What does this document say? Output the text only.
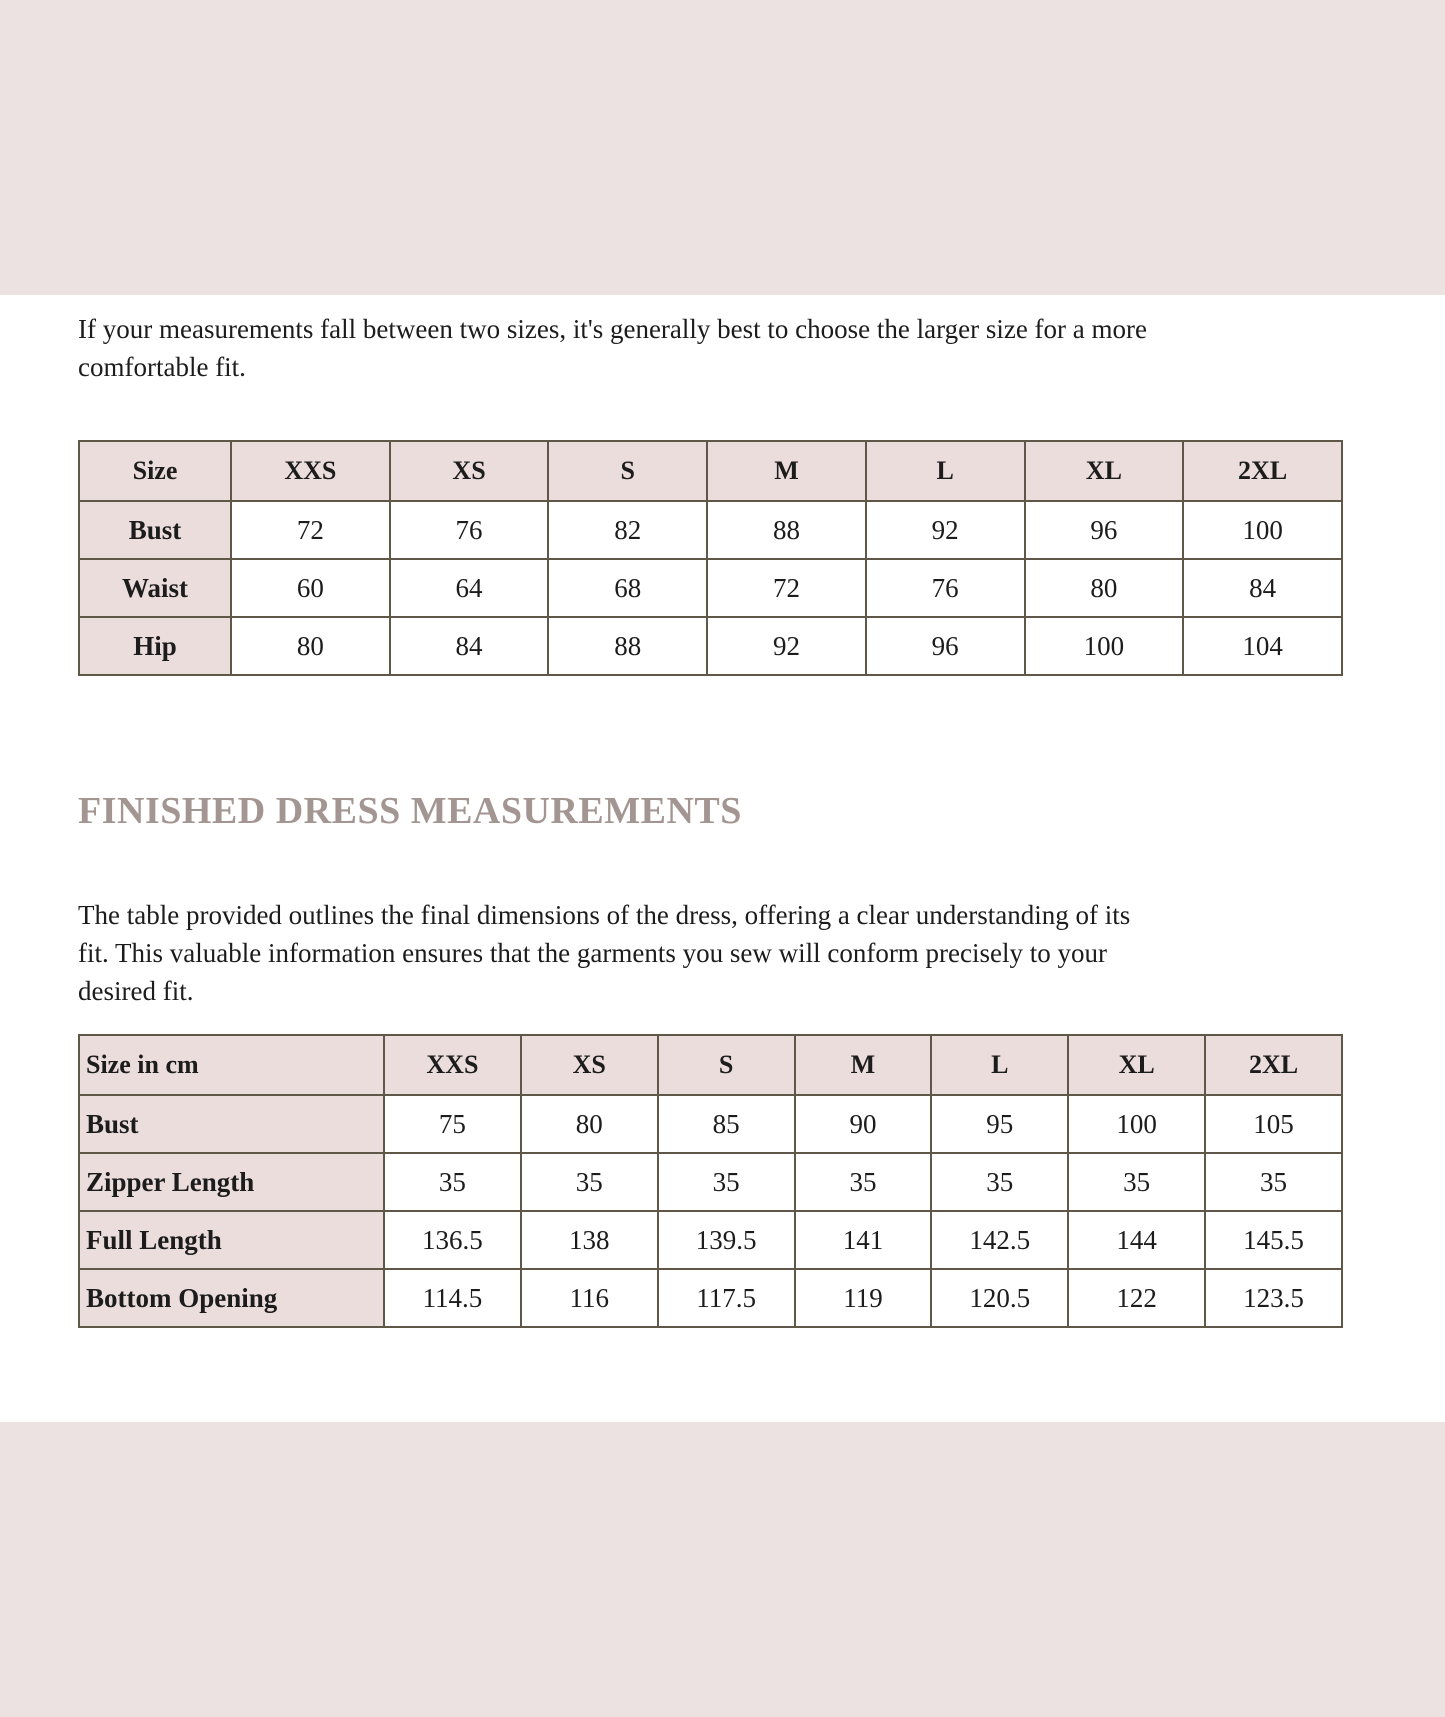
If your measurements fall between two sizes, it's generally best to choose the larger size for a more
comfortable fit.
Size	XXS	XS	S	M	L	XL	2XL
Bust	72	76	82	88	92	96	100
Waist	60	64	68	72	76	80	84
Hip	80	84	88	92	96	100	104
FINISHED DRESS MEASUREMENTS
The table provided outlines the final dimensions of the dress, offering a clear understanding of its
fit. This valuable information ensures that the garments you sew will conform precisely to your
desired fit.
Size in cm	XXS	XS	S	M	L	XL	2XL
Bust	75	80	85	90	95	100	105
Zipper Length	35	35	35	35	35	35	35
Full Length	136.5	138	139.5	141	142.5	144	145.5
Bottom Opening	114.5	116	117.5	119	120.5	122	123.5
